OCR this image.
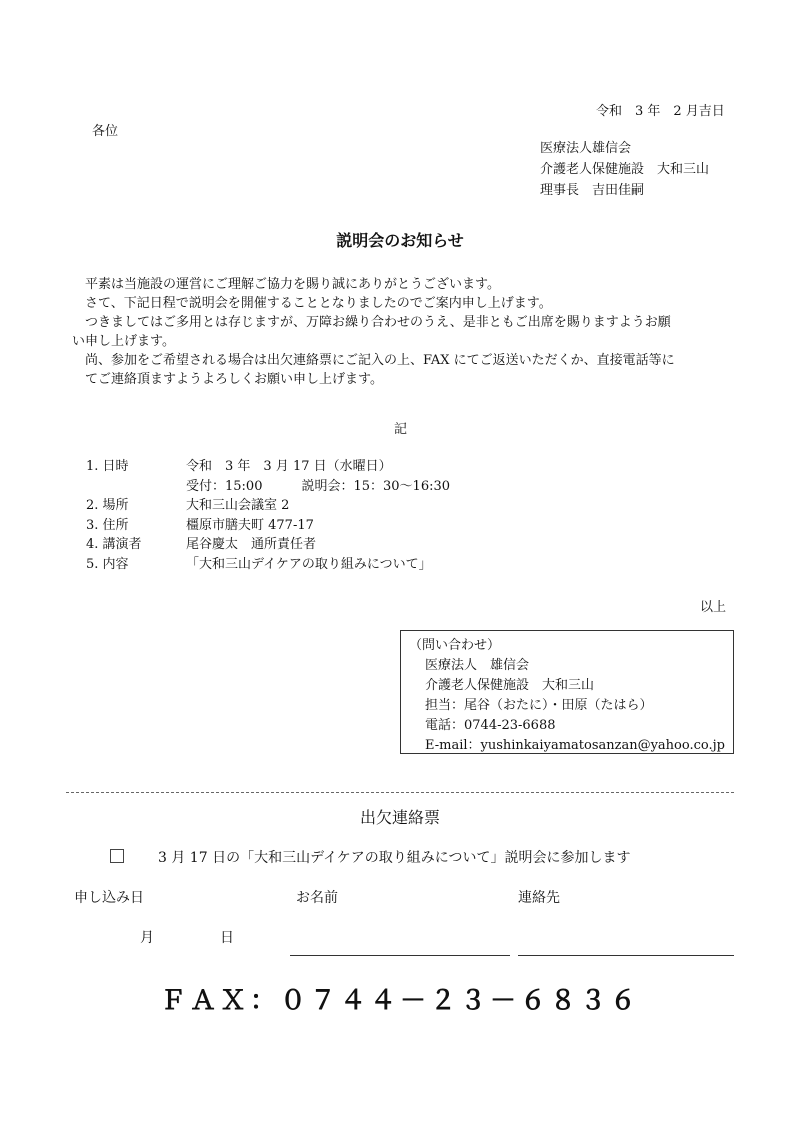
令和　3 年　2 月吉日
各位
医療法人雄信会
介護老人保健施設　大和三山
理事長　吉田佳嗣
説明会のお知らせ

　平素は当施設の運営にご理解ご協力を賜り誠にありがとうございます。

　さて、下記日程で説明会を開催することとなりましたのでご案内申し上げます。

　つきましてはご多用とは存じますが、万障お繰り合わせのうえ、是非ともご出席を賜りますようお願

い申し上げます。

　尚、参加をご希望される場合は出欠連絡票にご記入の上、FAX にてご返送いただくか、直接電話等に

　てご連絡頂ますようよろしくお願い申し上げます。

記
1. 日時	令和　3 年　3 月 17 日（水曜日）
受付：15:00　　　説明会：15：30～16:30
2. 場所	大和三山会議室 2
3. 住所	橿原市膳夫町 477-17
4. 講演者	尾谷慶太　通所責任者
5. 内容	「大和三山デイケアの取り組みについて」
以上
（問い合わせ）
医療法人　雄信会
介護老人保健施設　大和三山
担当：尾谷（おたに）・田原（たはら）
電話：0744-23-6688
E-mail：yushinkaiyamatosanzan@yahoo.co.jp
出欠連絡票
3 月 17 日の「大和三山デイケアの取り組みについて」説明会に参加します
申し込み日	お名前	連絡先
月	日
ＦＡＸ：０７４４－２３－６８３６
